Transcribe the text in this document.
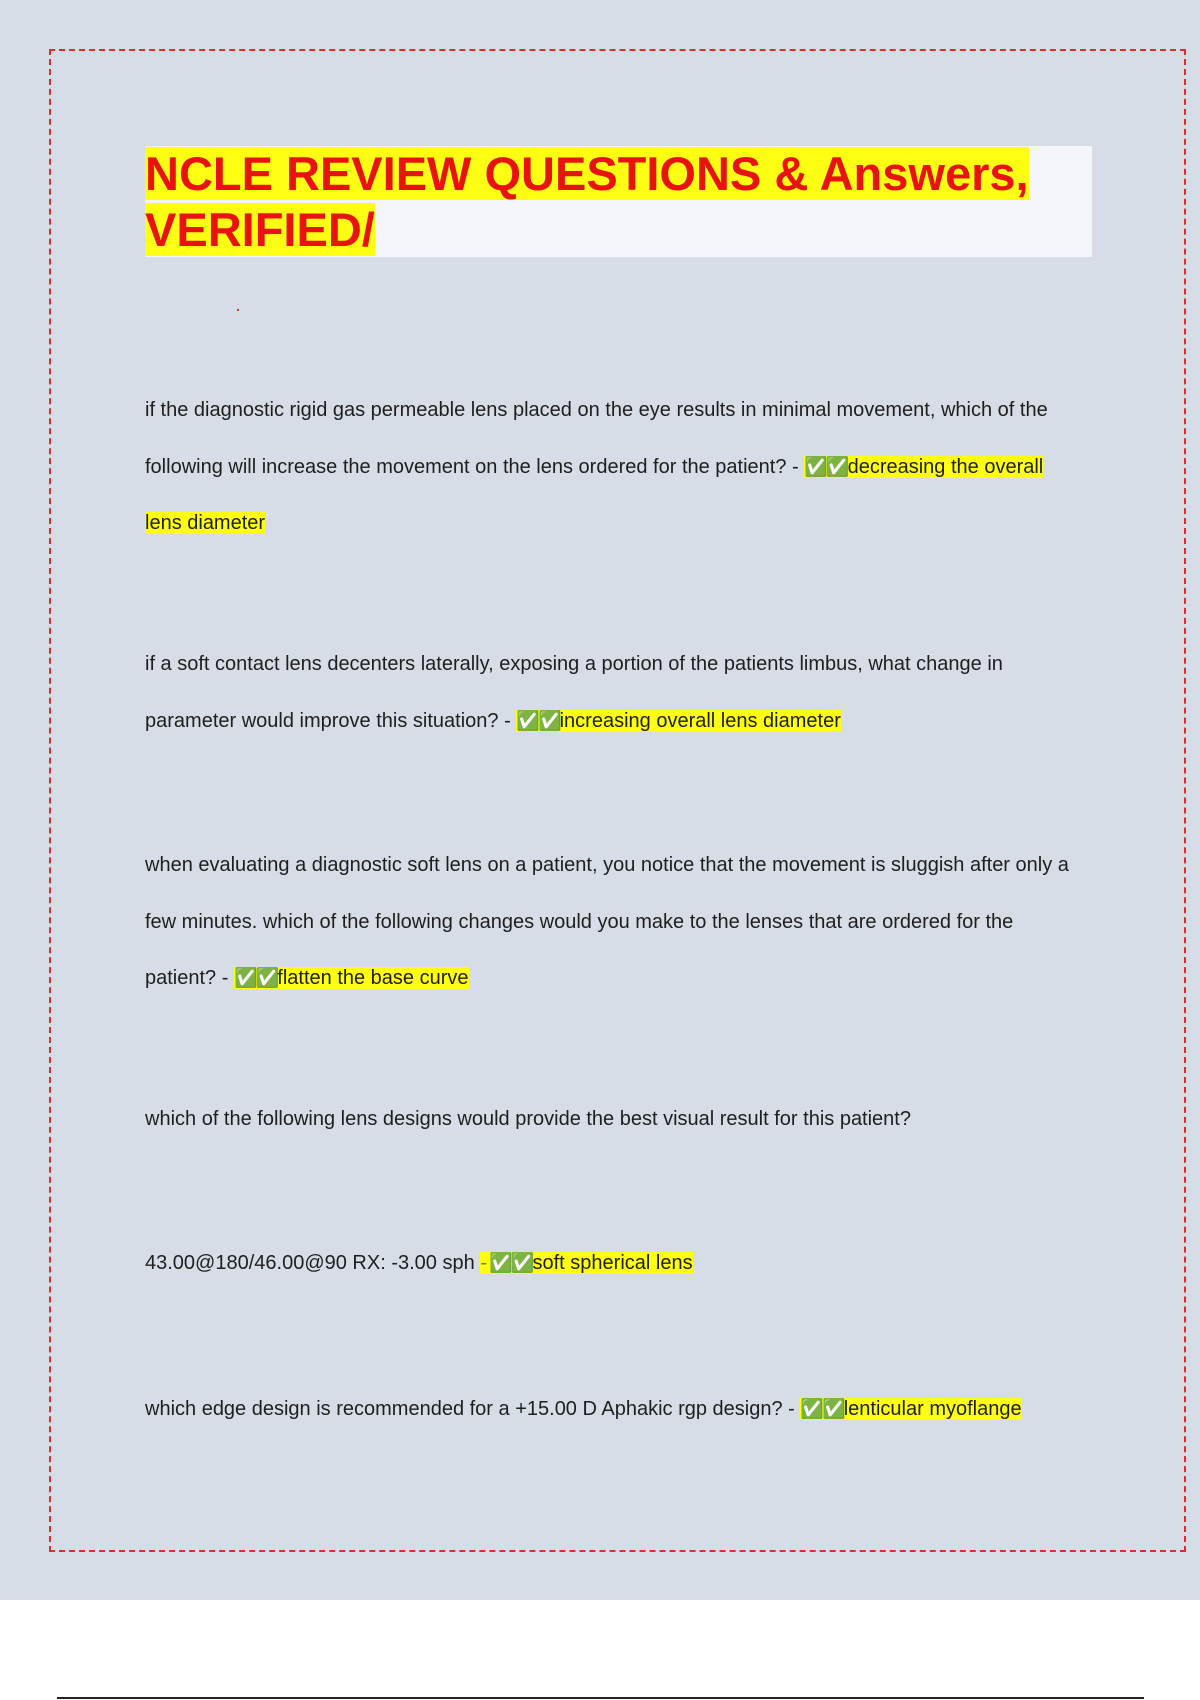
NCLE REVIEW QUESTIONS & Answers,
VERIFIED/

if the diagnostic rigid gas permeable lens placed on the eye results in minimal movement, which of the following will increase the movement on the lens ordered for the patient? - ✅✅decreasing the overall lens diameter

if a soft contact lens decenters laterally, exposing a portion of the patients limbus, what change in parameter would improve this situation? - ✅✅increasing overall lens diameter

when evaluating a diagnostic soft lens on a patient, you notice that the movement is sluggish after only a few minutes. which of the following changes would you make to the lenses that are ordered for the patient? - ✅✅flatten the base curve

which of the following lens designs would provide the best visual result for this patient?

43.00@180/46.00@90 RX: -3.00 sph - ✅✅soft spherical lens

which edge design is recommended for a +15.00 D Aphakic rgp design? - ✅✅lenticular myoflange
